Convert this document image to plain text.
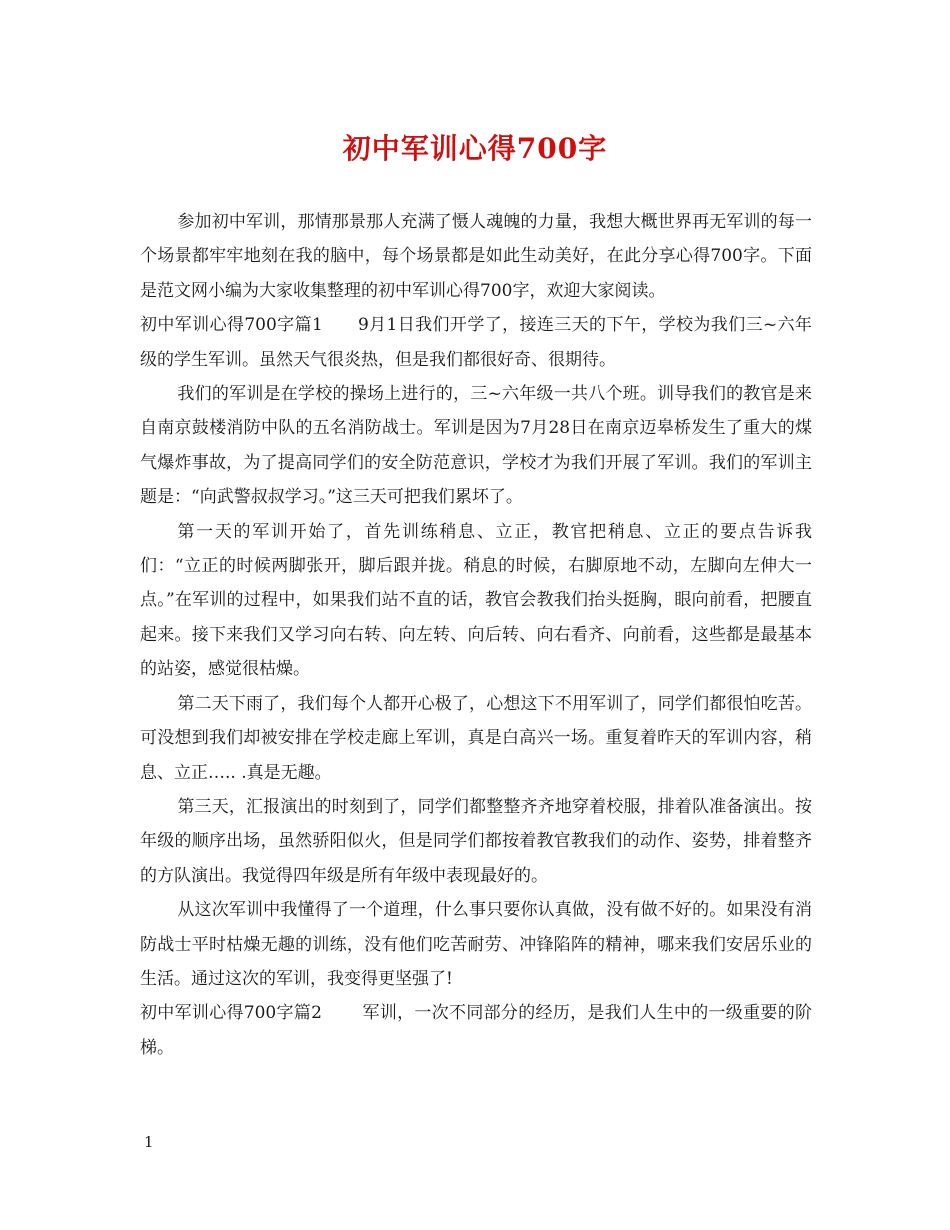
初中军训心得700字

参加初中军训，那情那景那人充满了慑人魂魄的力量，我想大概世界再无军训的每一个场景都牢牢地刻在我的脑中，每个场景都是如此生动美好，在此分享心得700字。下面是范文网小编为大家收集整理的初中军训心得700字，欢迎大家阅读。

初中军训心得700字篇1　　9月1日我们开学了，接连三天的下午，学校为我们三~六年级的学生军训。虽然天气很炎热，但是我们都很好奇、很期待。

我们的军训是在学校的操场上进行的，三~六年级一共八个班。训导我们的教官是来自南京鼓楼消防中队的五名消防战士。军训是因为7月28日在南京迈皋桥发生了重大的煤气爆炸事故，为了提高同学们的安全防范意识，学校才为我们开展了军训。我们的军训主题是：“向武警叔叔学习。”这三天可把我们累坏了。

第一天的军训开始了，首先训练稍息、立正，教官把稍息、立正的要点告诉我们：“立正的时候两脚张开，脚后跟并拢。稍息的时候，右脚原地不动，左脚向左伸大一点。”在军训的过程中，如果我们站不直的话，教官会教我们抬头挺胸，眼向前看，把腰直起来。接下来我们又学习向右转、向左转、向后转、向右看齐、向前看，这些都是最基本的站姿，感觉很枯燥。

第二天下雨了，我们每个人都开心极了，心想这下不用军训了，同学们都很怕吃苦。可没想到我们却被安排在学校走廊上军训，真是白高兴一场。重复着昨天的军训内容，稍息、立正….. .真是无趣。

第三天，汇报演出的时刻到了，同学们都整整齐齐地穿着校服，排着队准备演出。按年级的顺序出场，虽然骄阳似火，但是同学们都按着教官教我们的动作、姿势，排着整齐的方队演出。我觉得四年级是所有年级中表现最好的。

从这次军训中我懂得了一个道理，什么事只要你认真做，没有做不好的。如果没有消防战士平时枯燥无趣的训练，没有他们吃苦耐劳、冲锋陷阵的精神，哪来我们安居乐业的生活。通过这次的军训，我变得更坚强了!

初中军训心得700字篇2　　 军训，一次不同部分的经历，是我们人生中的一级重要的阶梯。

1
